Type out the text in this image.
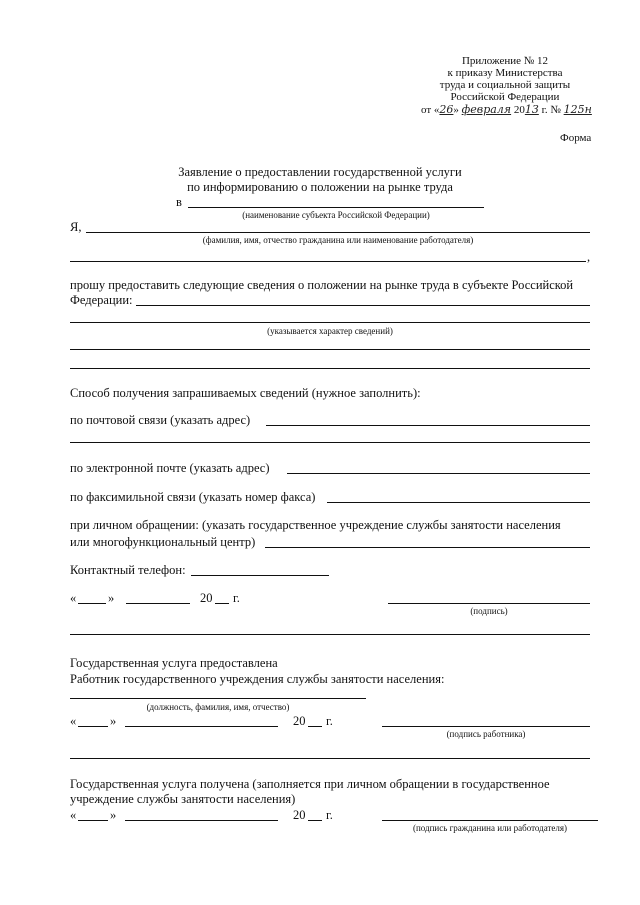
Приложение № 12
к приказу Министерства
труда и социальной защиты
Российской Федерации
от «26» февраля 2013 г. № 125н
Форма
Заявление о предоставлении государственной услуги
по информированию о положении на рынке труда
в
(наименование субъекта Российской Федерации)
Я,
(фамилия, имя, отчество гражданина или наименование работодателя)
,
прошу предоставить следующие сведения о положении на рынке труда в субъекте Российской
Федерации:
(указывается характер сведений)
Способ получения запрашиваемых сведений (нужное заполнить):
по почтовой связи (указать адрес)
по электронной почте (указать адрес)
по факсимильной связи (указать номер факса)
при личном обращении: (указать государственное учреждение службы занятости населения
или многофункциональный центр)
Контактный телефон:
«	»	20 г.
(подпись)
Государственная услуга предоставлена
Работник государственного учреждения службы занятости населения:
(должность, фамилия, имя, отчество)
«	»	20 г.
(подпись работника)
Государственная услуга получена (заполняется при личном обращении в государственное
учреждение службы занятости населения)
«	»	20 г.
(подпись гражданина или работодателя)
